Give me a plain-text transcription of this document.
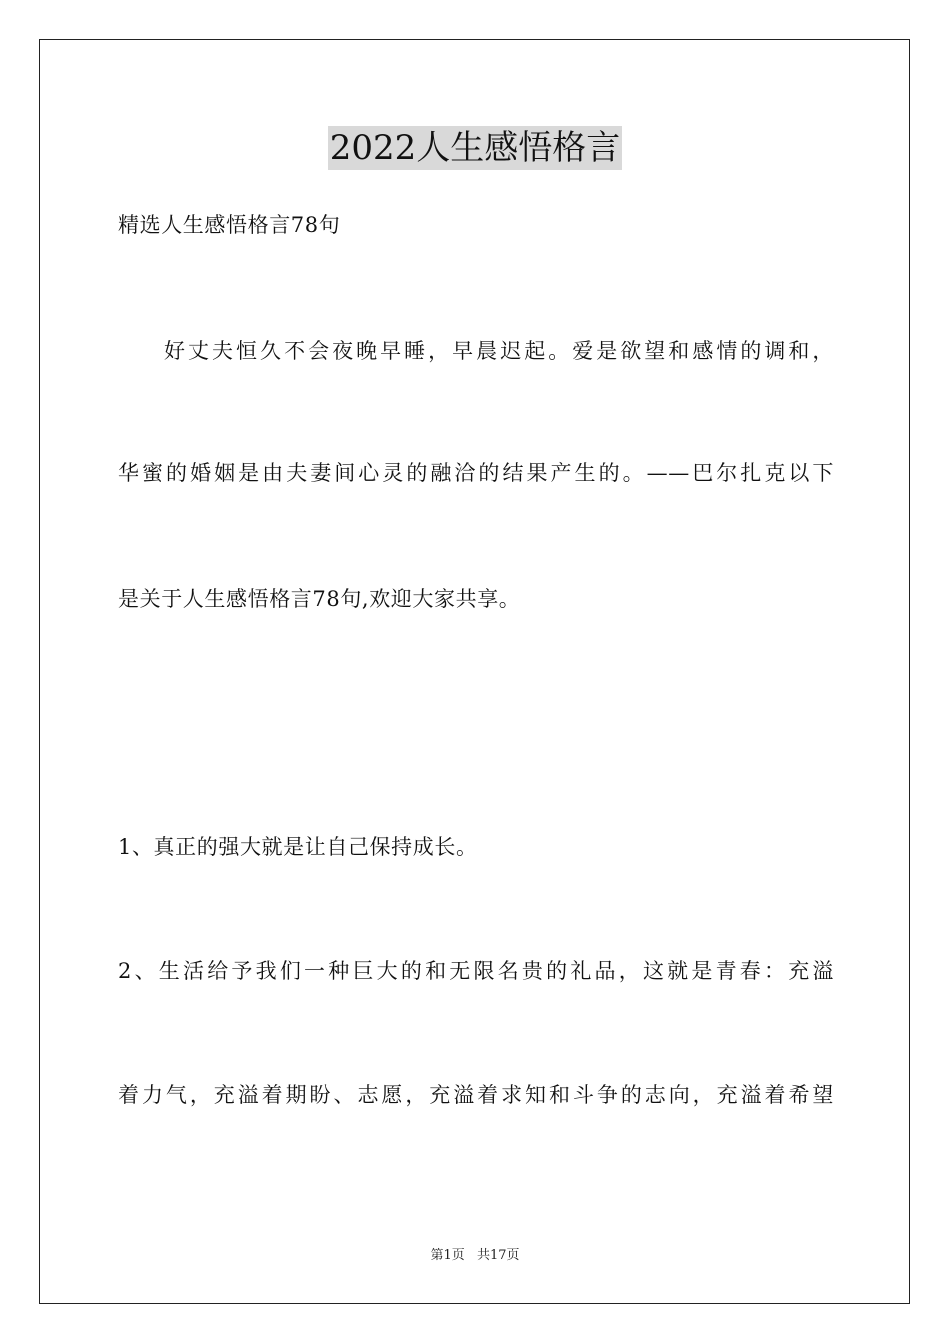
2022人生感悟格言
精选人生感悟格言78句
好丈夫恒久不会夜晚早睡，早晨迟起。爱是欲望和感情的调和，
华蜜的婚姻是由夫妻间心灵的融洽的结果产生的。——巴尔扎克以下
是关于人生感悟格言78句,欢迎大家共享。
1、真正的强大就是让自己保持成长。
2、生活给予我们一种巨大的和无限名贵的礼品，这就是青春：充溢
着力气，充溢着期盼、志愿，充溢着求知和斗争的志向，充溢着希望
第1页 共17页
